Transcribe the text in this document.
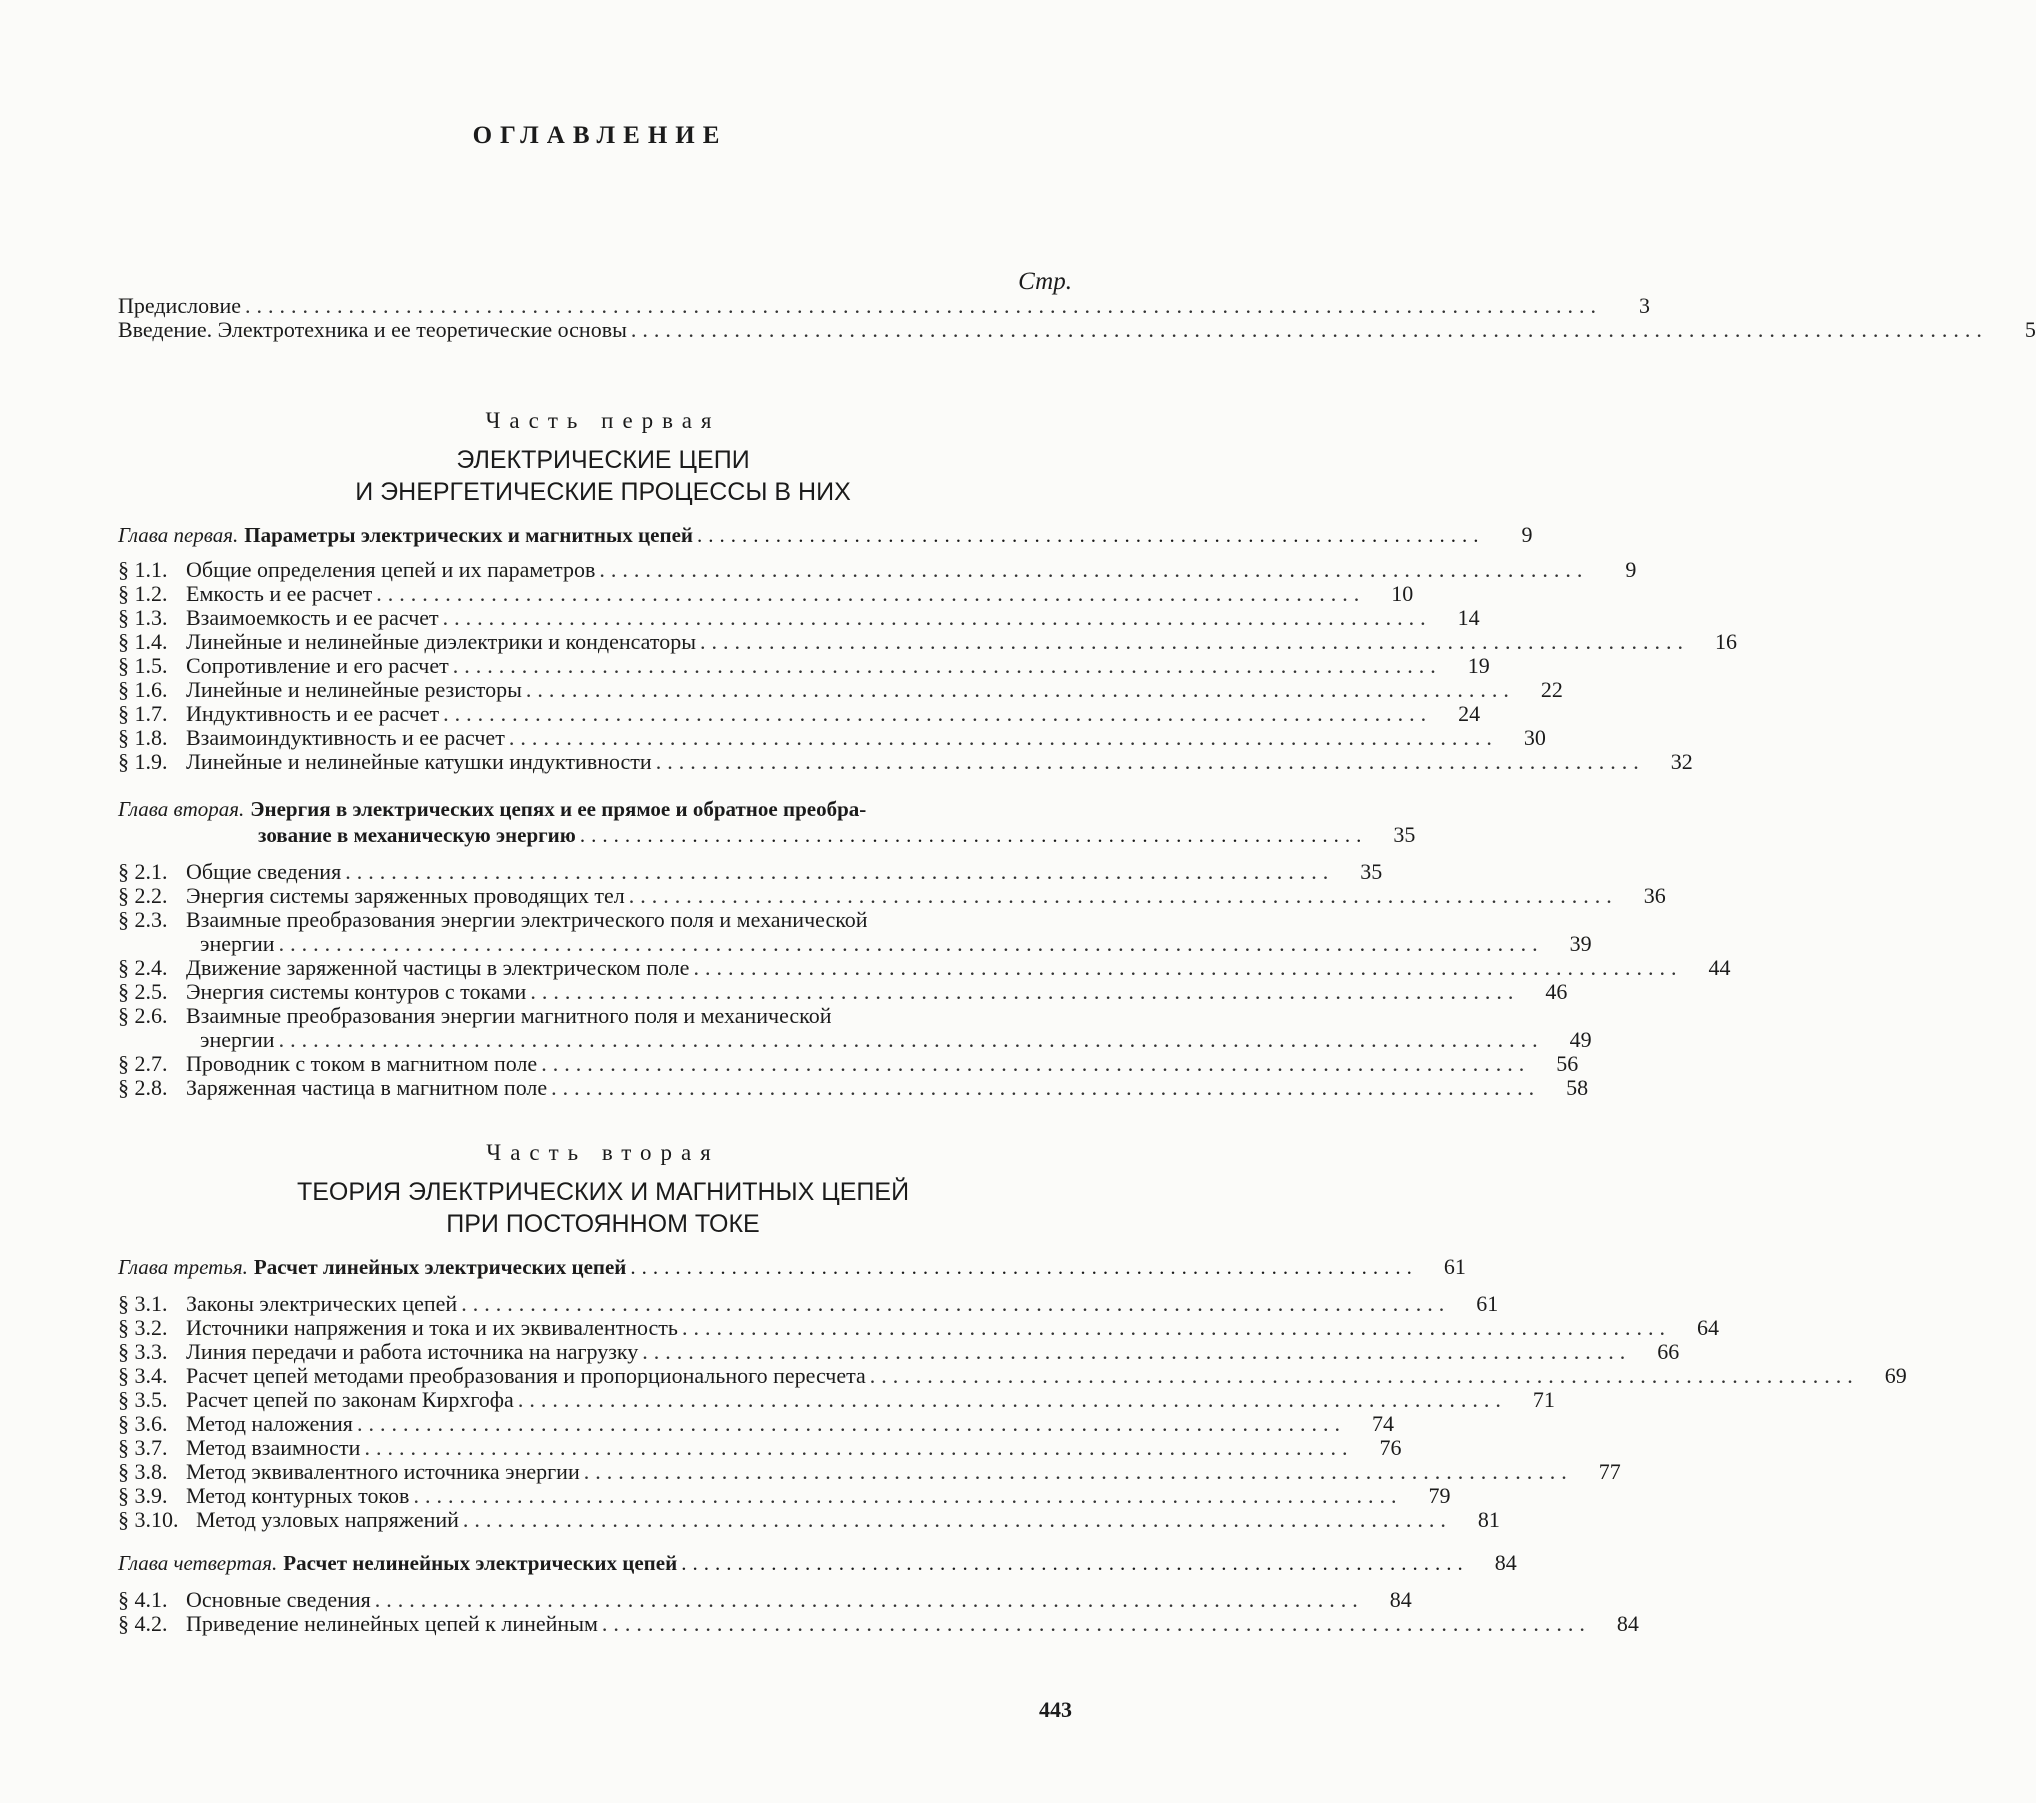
ОГЛАВЛЕНИЕ
Стр.
Предисловие ......................................................................................................................	3
Введение. Электротехника и ее теоретические основы ......................................................................................................................	5

Часть первая

ЭЛЕКТРИЧЕСКИЕ ЦЕПИ

И ЭНЕРГЕТИЧЕСКИЕ ПРОЦЕССЫ В НИХ

Глава первая. Параметры электрических и магнитных цепей ......................................................................	9
§ 1.1. Общие определения цепей и их параметров ......................................................................................	9
§ 1.2. Емкость и ее расчет ......................................................................................	10
§ 1.3. Взаимоемкость и ее расчет ......................................................................................	14
§ 1.4. Линейные и нелинейные диэлектрики и конденсаторы ......................................................................................	16
§ 1.5. Сопротивление и его расчет ......................................................................................	19
§ 1.6. Линейные и нелинейные резисторы ......................................................................................	22
§ 1.7. Индуктивность и ее расчет ......................................................................................	24
§ 1.8. Взаимоиндуктивность и ее расчет ......................................................................................	30
§ 1.9. Линейные и нелинейные катушки индуктивности ......................................................................................	32
Глава вторая. Энергия в электрических цепях и ее прямое и обратное преобра-
зование в механическую энергию ......................................................................	35
§ 2.1. Общие сведения ......................................................................................	35
§ 2.2. Энергия системы заряженных проводящих тел ......................................................................................	36
§ 2.3. Взаимные преобразования энергии электрического поля и механической
энергии ..............................................................................................................	39
§ 2.4. Движение заряженной частицы в электрическом поле ......................................................................................	44
§ 2.5. Энергия системы контуров с токами ......................................................................................	46
§ 2.6. Взаимные преобразования энергии магнитного поля и механической
энергии ..............................................................................................................	49
§ 2.7. Проводник с током в магнитном поле ......................................................................................	56
§ 2.8. Заряженная частица в магнитном поле ......................................................................................	58

Часть вторая

ТЕОРИЯ ЭЛЕКТРИЧЕСКИХ И МАГНИТНЫХ ЦЕПЕЙ

ПРИ ПОСТОЯННОМ ТОКЕ

Глава третья. Расчет линейных электрических цепей ......................................................................	61
§ 3.1. Законы электрических цепей ......................................................................................	61
§ 3.2. Источники напряжения и тока и их эквивалентность ......................................................................................	64
§ 3.3. Линия передачи и работа источника на нагрузку ......................................................................................	66
§ 3.4. Расчет цепей методами преобразования и пропорционального пересчета ......................................................................................	69
§ 3.5. Расчет цепей по законам Кирхгофа ......................................................................................	71
§ 3.6. Метод наложения ......................................................................................	74
§ 3.7. Метод взаимности ......................................................................................	76
§ 3.8. Метод эквивалентного источника энергии ......................................................................................	77
§ 3.9. Метод контурных токов ......................................................................................	79
§ 3.10. Метод узловых напряжений ......................................................................................	81
Глава четвертая. Расчет нелинейных электрических цепей ......................................................................	84
§ 4.1. Основные сведения ......................................................................................	84
§ 4.2. Приведение нелинейных цепей к линейным ......................................................................................	84
443
